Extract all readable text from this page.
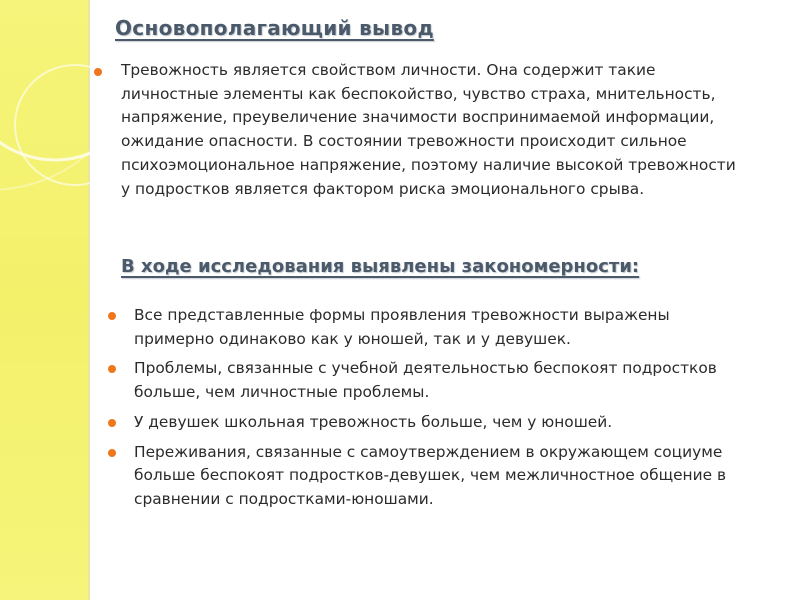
Основополагающий вывод

Тревожность является свойством личности. Она содержит такие личностные элементы как беспокойство, чувство страха, мнительность, напряжение, преувеличение значимости воспринимаемой информации, ожидание опасности. В состоянии тревожности происходит сильное психоэмоциональное напряжение, поэтому наличие высокой тревожности у подростков является фактором риска эмоционального срыва.

В ходе исследования выявлены закономерности:
Все представленные формы проявления тревожности выражены примерно одинаково как у юношей, так и у девушек.
Проблемы, связанные с учебной деятельностью беспокоят подростков больше, чем личностные проблемы.
У девушек школьная тревожность больше, чем у юношей.
Переживания, связанные с самоутверждением в окружающем социуме больше беспокоят подростков-девушек, чем межличностное общение в сравнении с подростками-юношами.
